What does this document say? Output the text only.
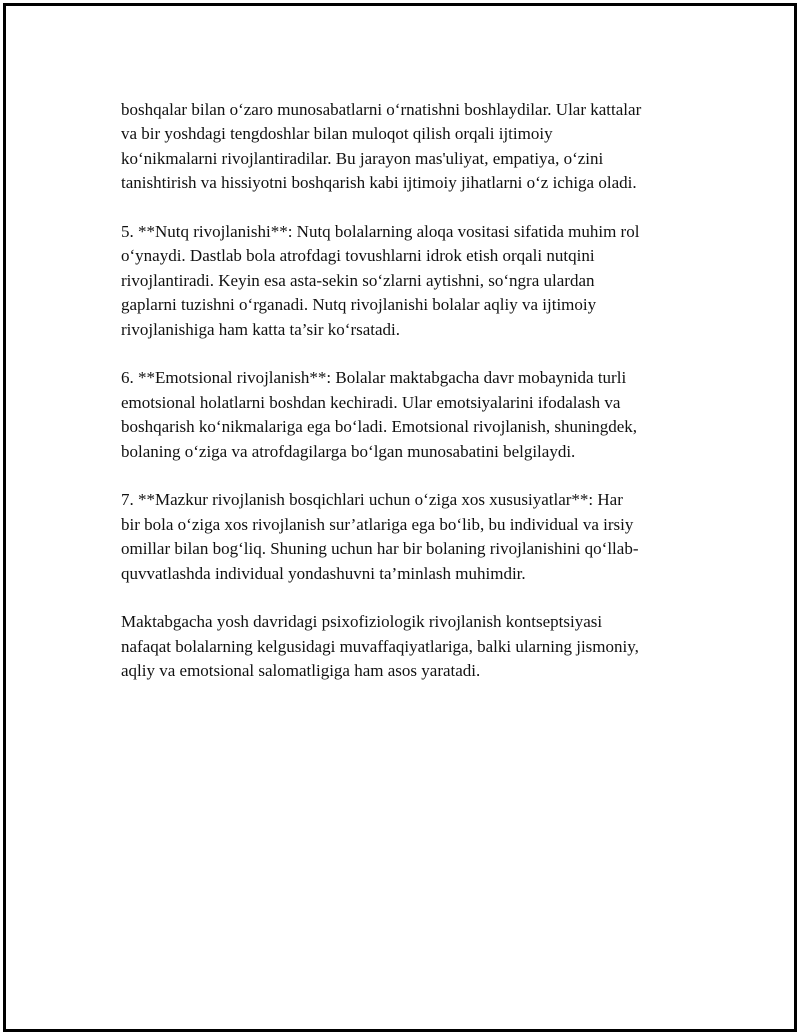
boshqalar bilan o‘zaro munosabatlarni o‘rnatishni boshlaydilar. Ular kattalar
va bir yoshdagi tengdoshlar bilan muloqot qilish orqali ijtimoiy
ko‘nikmalarni rivojlantiradilar. Bu jarayon mas'uliyat, empatiya, o‘zini
tanishtirish va hissiyotni boshqarish kabi ijtimoiy jihatlarni o‘z ichiga oladi.

5. **Nutq rivojlanishi**: Nutq bolalarning aloqa vositasi sifatida muhim rol
o‘ynaydi. Dastlab bola atrofdagi tovushlarni idrok etish orqali nutqini
rivojlantiradi. Keyin esa asta-sekin so‘zlarni aytishni, so‘ngra ulardan
gaplarni tuzishni o‘rganadi. Nutq rivojlanishi bolalar aqliy va ijtimoiy
rivojlanishiga ham katta ta’sir ko‘rsatadi.

6. **Emotsional rivojlanish**: Bolalar maktabgacha davr mobaynida turli
emotsional holatlarni boshdan kechiradi. Ular emotsiyalarini ifodalash va
boshqarish ko‘nikmalariga ega bo‘ladi. Emotsional rivojlanish, shuningdek,
bolaning o‘ziga va atrofdagilarga bo‘lgan munosabatini belgilaydi.

7. **Mazkur rivojlanish bosqichlari uchun o‘ziga xos xususiyatlar**: Har
bir bola o‘ziga xos rivojlanish sur’atlariga ega bo‘lib, bu individual va irsiy
omillar bilan bog‘liq. Shuning uchun har bir bolaning rivojlanishini qo‘llab-
quvvatlashda individual yondashuvni ta’minlash muhimdir.

Maktabgacha yosh davridagi psixofiziologik rivojlanish kontseptsiyasi
nafaqat bolalarning kelgusidagi muvaffaqiyatlariga, balki ularning jismoniy,
aqliy va emotsional salomatligiga ham asos yaratadi.
